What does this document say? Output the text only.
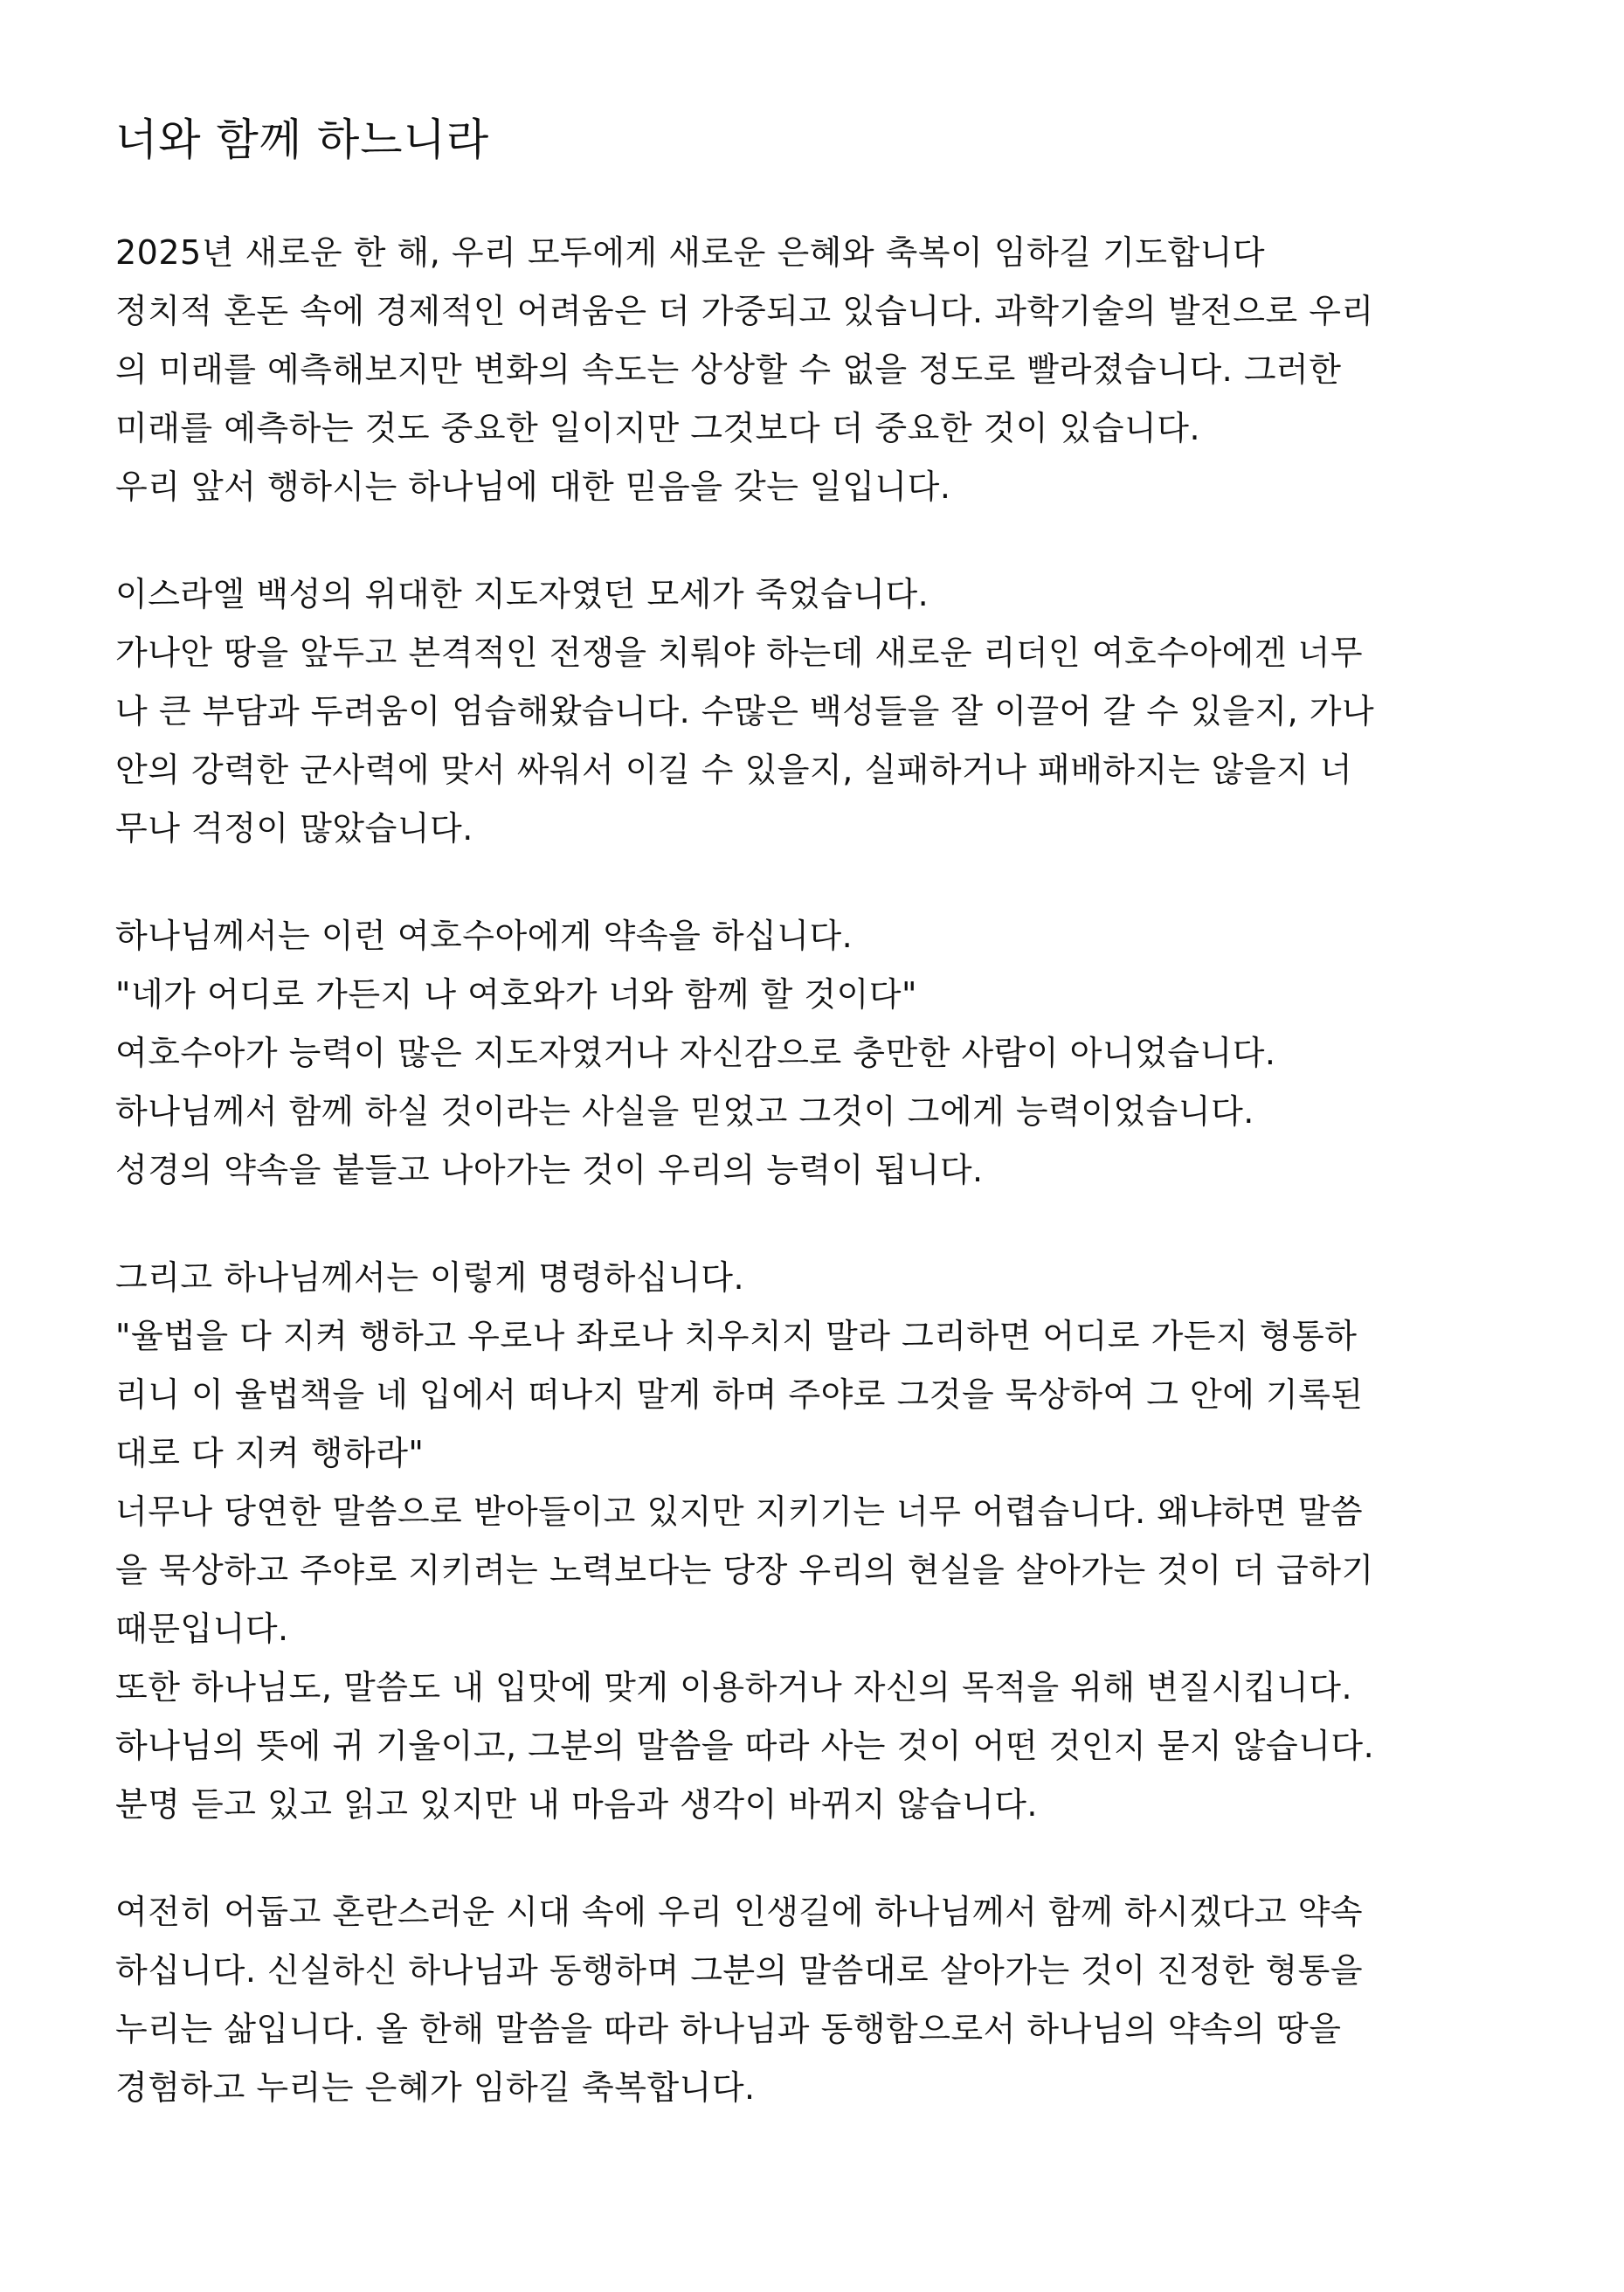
너와 함께 하느니라
2025년 새로운 한 해, 우리 모두에게 새로운 은혜와 축복이 임하길 기도합니다
정치적 혼돈 속에 경제적인 어려움은 더 가중되고 있습니다. 과학기술의 발전으로 우리
의 미래를 예측해보지만 변화의 속도는 상상할 수 없을 정도로 빨라졌습니다. 그러한
미래를 예측하는 것도 중요한 일이지만 그것보다 더 중요한 것이 있습니다.
우리 앞서 행하시는 하나님에 대한 믿음을 갖는 일입니다.
이스라엘 백성의 위대한 지도자였던 모세가 죽었습니다.
가나안 땅을 앞두고 본격적인 전쟁을 치뤄야 하는데 새로운 리더인 여호수아에겐 너무
나 큰 부담과 두려움이 엄습해왔습니다. 수많은 백성들을 잘 이끌어 갈 수 있을지, 가나
안의 강력한 군사력에 맞서 싸워서 이길 수 있을지, 실패하거나 패배하지는 않을지 너
무나 걱정이 많았습니다.
하나님께서는 이런 여호수아에게 약속을 하십니다.
"네가 어디로 가든지 나 여호와가 너와 함께 할 것이다"
여호수아가 능력이 많은 지도자였거나 자신감으로 충만한 사람이 아니었습니다.
하나님께서 함께 하실 것이라는 사실을 믿었고 그것이 그에게 능력이었습니다.
성경의 약속을 붙들고 나아가는 것이 우리의 능력이 됩니다.
그리고 하나님께서는 이렇게 명령하십니다.
"율법을 다 지켜 행하고 우로나 좌로나 치우치지 말라 그리하면 어디로 가든지 형통하
리니 이 율법책을 네 입에서 떠나지 말게 하며 주야로 그것을 묵상하여 그 안에 기록된
대로 다 지켜 행하라"
너무나 당연한 말씀으로 받아들이고 있지만 지키기는 너무 어렵습니다. 왜냐하면 말씀
을 묵상하고 주야로 지키려는 노력보다는 당장 우리의 현실을 살아가는 것이 더 급하기
때문입니다.
또한 하나님도, 말씀도 내 입맛에 맞게 이용하거나 자신의 목적을 위해 변질시킵니다.
하나님의 뜻에 귀 기울이고, 그분의 말씀을 따라 사는 것이 어떤 것인지 묻지 않습니다.
분명 듣고 있고 읽고 있지만 내 마음과 생각이 바뀌지 않습니다.
여전히 어둡고 혼란스러운 시대 속에 우리 인생길에 하나님께서 함께 하시겠다고 약속
하십니다. 신실하신 하나님과 동행하며 그분의 말씀대로 살아가는 것이 진정한 형통을
누리는 삶입니다. 올 한해 말씀을 따라 하나님과 동행함으로서 하나님의 약속의 땅을
경험하고 누리는 은혜가 임하길 축복합니다.
